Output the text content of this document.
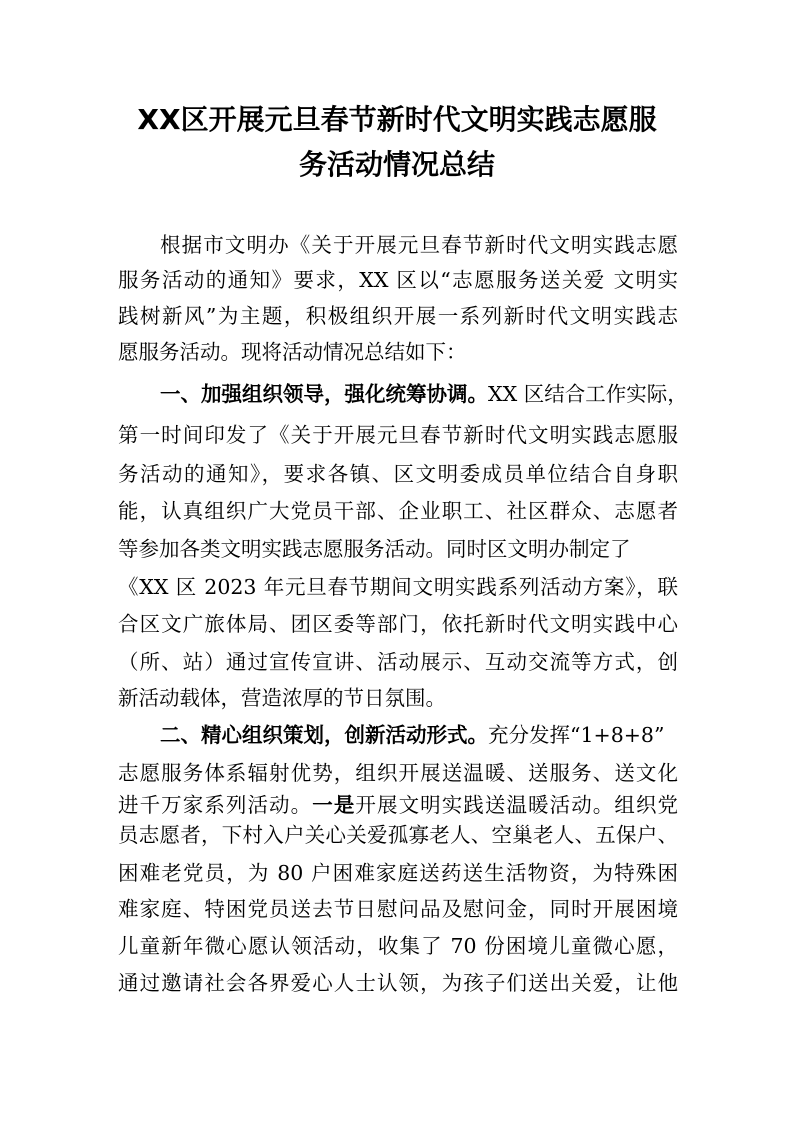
XX区开展元旦春节新时代文明实践志愿服
务活动情况总结
根据市文明办《关于开展元旦春节新时代文明实践志愿
服务活动的通知》要求，XX 区以“志愿服务送关爱 文明实
践树新风”为主题，积极组织开展一系列新时代文明实践志
愿服务活动。现将活动情况总结如下：
一、加强组织领导，强化统筹协调。XX 区结合工作实际，
第一时间印发了《关于开展元旦春节新时代文明实践志愿服
务活动的通知》，要求各镇、区文明委成员单位结合自身职
能，认真组织广大党员干部、企业职工、社区群众、志愿者
等参加各类文明实践志愿服务活动。同时区文明办制定了
《XX 区 2023 年元旦春节期间文明实践系列活动方案》，联
合区文广旅体局、团区委等部门，依托新时代文明实践中心
（所、站）通过宣传宣讲、活动展示、互动交流等方式，创
新活动载体，营造浓厚的节日氛围。
二、精心组织策划，创新活动形式。充分发挥“1+8+8”
志愿服务体系辐射优势，组织开展送温暖、送服务、送文化
进千万家系列活动。一是开展文明实践送温暖活动。组织党
员志愿者，下村入户关心关爱孤寡老人、空巢老人、五保户、
困难老党员，为 80 户困难家庭送药送生活物资，为特殊困
难家庭、特困党员送去节日慰问品及慰问金，同时开展困境
儿童新年微心愿认领活动，收集了 70 份困境儿童微心愿，
通过邀请社会各界爱心人士认领，为孩子们送出关爱，让他
